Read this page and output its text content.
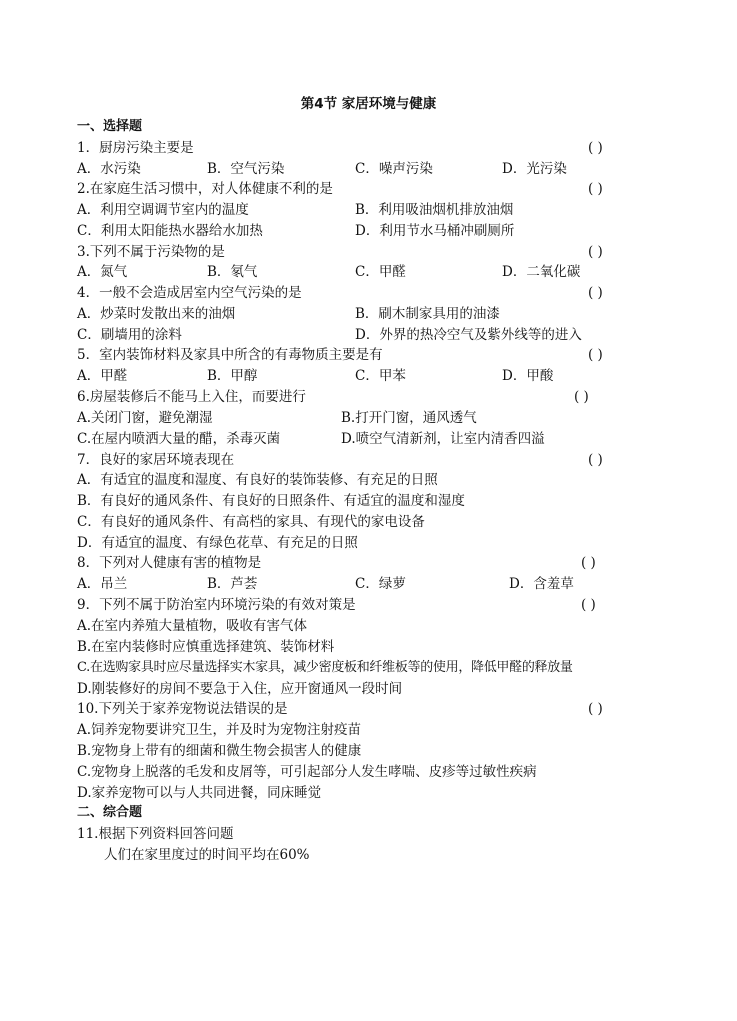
第4节 家居环境与健康
一、选择题
1．厨房污染主要是	( )
A．水污染	B．空气污染	C．噪声污染	D．光污染
2.在家庭生活习惯中，对人体健康不利的是	( )
A．利用空调调节室内的温度	B．利用吸油烟机排放油烟
C．利用太阳能热水器给水加热	D．利用节水马桶冲刷厕所
3.下列不属于污染物的是	( )
A．氮气	B．氡气	C．甲醛	D．二氧化碳
4．一般不会造成居室内空气污染的是	( )
A．炒菜时发散出来的油烟	B．刷木制家具用的油漆
C．刷墙用的涂料	D．外界的热冷空气及紫外线等的进入
5．室内装饰材料及家具中所含的有毒物质主要是有	( )
A．甲醛	B．甲醇	C．甲苯	D．甲酸
6.房屋装修后不能马上入住，而要进行	( )
A.关闭门窗，避免潮湿	B.打开门窗，通风透气
C.在屋内喷洒大量的醋，杀毒灭菌	D.喷空气清新剂，让室内清香四溢
7．良好的家居环境表现在	( )
A．有适宜的温度和湿度、有良好的装饰装修、有充足的日照
B．有良好的通风条件、有良好的日照条件、有适宜的温度和湿度
C．有良好的通风条件、有高档的家具、有现代的家电设备
D．有适宜的温度、有绿色花草、有充足的日照
8．下列对人健康有害的植物是	( )
A．吊兰	B．芦荟	C．绿萝	D．含羞草
9．下列不属于防治室内环境污染的有效对策是	( )
A.在室内养殖大量植物，吸收有害气体
B.在室内装修时应慎重选择建筑、装饰材料
C.在选购家具时应尽量选择实木家具，减少密度板和纤维板等的使用，降低甲醛的释放量
D.刚装修好的房间不要急于入住，应开窗通风一段时间
10.下列关于家养宠物说法错误的是	( )
A.饲养宠物要讲究卫生，并及时为宠物注射疫苗
B.宠物身上带有的细菌和微生物会损害人的健康
C.宠物身上脱落的毛发和皮屑等，可引起部分人发生哮喘、皮疹等过敏性疾病
D.家养宠物可以与人共同进餐，同床睡觉
二、综合题
11.根据下列资料回答问题
人们在家里度过的时间平均在60%
